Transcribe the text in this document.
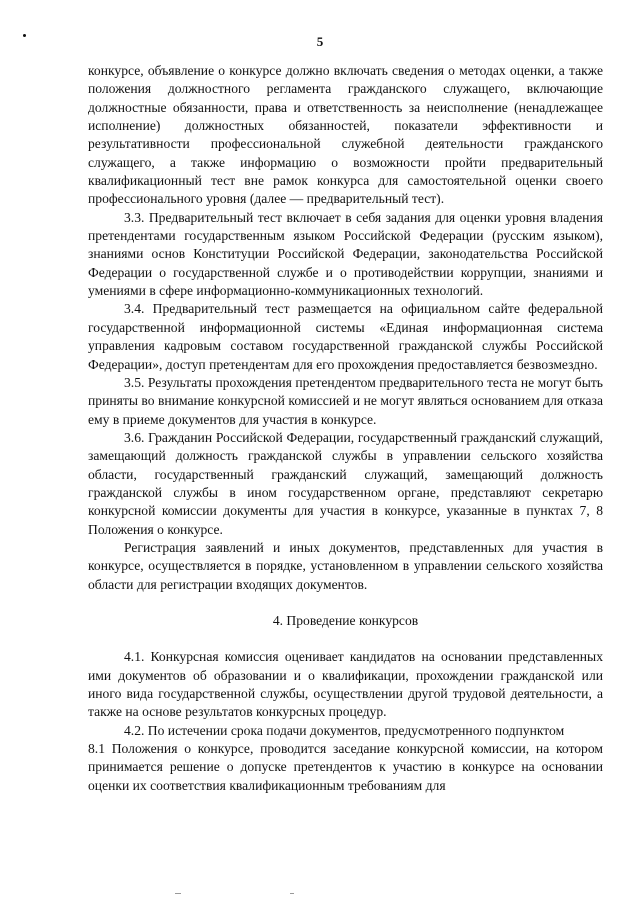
5

конкурсе, объявление о конкурсе должно включать сведения о методах оценки, а также положения должностного регламента гражданского служащего, включающие должностные обязанности, права и ответственность за неисполнение (ненадлежащее исполнение) должностных обязанностей, показатели эффективности и результативности профессиональной служебной деятельности гражданского служащего, а также информацию о возможности пройти предварительный квалификационный тест вне рамок конкурса для самостоятельной оценки своего профессионального уровня (далее — предварительный тест).

3.3. Предварительный тест включает в себя задания для оценки уровня владения претендентами государственным языком Российской Федерации (русским языком), знаниями основ Конституции Российской Федерации, законодательства Российской Федерации о государственной службе и о противодействии коррупции, знаниями и умениями в сфере информационно-коммуникационных технологий.

3.4. Предварительный тест размещается на официальном сайте федеральной государственной информационной системы «Единая информационная система управления кадровым составом государственной гражданской службы Российской Федерации», доступ претендентам для его прохождения предоставляется безвозмездно.

3.5. Результаты прохождения претендентом предварительного теста не могут быть приняты во внимание конкурсной комиссией и не могут являться основанием для отказа ему в приеме документов для участия в конкурсе.

3.6. Гражданин Российской Федерации, государственный гражданский служащий, замещающий должность гражданской службы в управлении сельского хозяйства области, государственный гражданский служащий, замещающий должность гражданской службы в ином государственном органе, представляют секретарю конкурсной комиссии документы для участия в конкурсе, указанные в пунктах 7, 8 Положения о конкурсе.

Регистрация заявлений и иных документов, представленных для участия в конкурсе, осуществляется в порядке, установленном в управлении сельского хозяйства области для регистрации входящих документов.

4. Проведение конкурсов

4.1. Конкурсная комиссия оценивает кандидатов на основании представленных ими документов об образовании и о квалификации, прохождении гражданской или иного вида государственной службы, осуществлении другой трудовой деятельности, а также на основе результатов конкурсных процедур.

4.2. По истечении срока подачи документов, предусмотренного подпунктом

8.1 Положения о конкурсе, проводится заседание конкурсной комиссии, на котором принимается решение о допуске претендентов к участию в конкурсе на основании оценки их соответствия квалификационным требованиям для
